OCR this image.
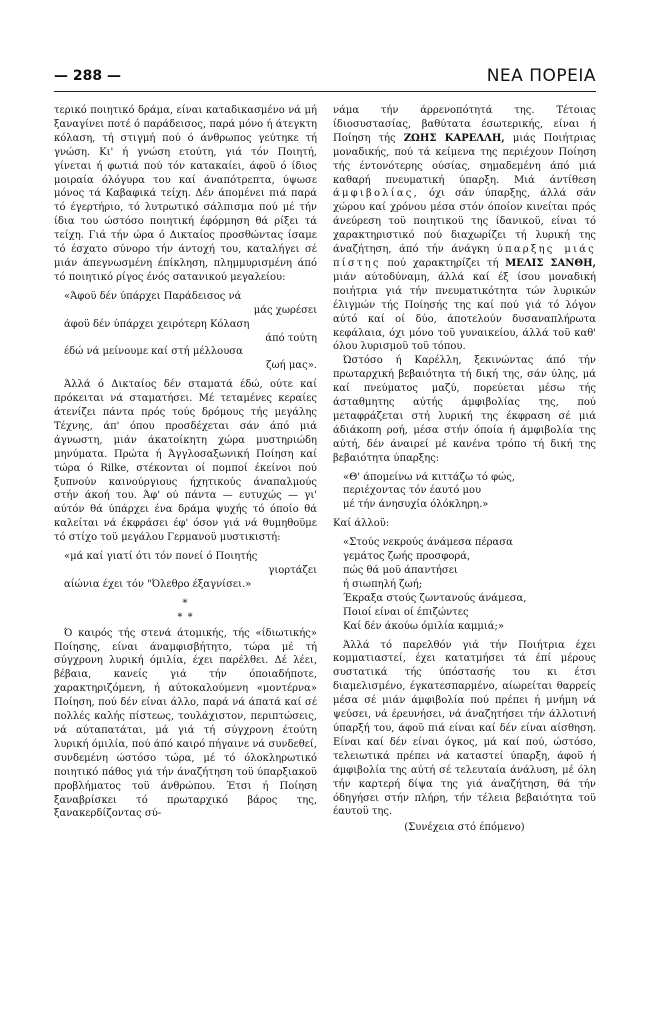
— 288 —	ΝΕΑ ΠΟΡΕΙΑ

τερικό ποιητικό δράμα, είναι καταδικασμένο νά μή ξαναγίνει ποτέ ό παράδεισος, παρά μόνο ή άτεγκτη κόλαση, τή στιγμή πού ό άνθρωπος γεύτηκε τή γνώση. Κι' ή γνώση ετούτη, γιά τόν Ποιητή, γίνεται ή φωτιά πού τόν κατακαίει, άφοϋ ό ίδιος μοιραία όλόγυρα του καί άναπότρεπτα, ύψωσε μόνος τά Καβαφικά τείχη. Δέν άπομένει πιά παρά τό έγερτήριο, τό λυτρωτικό σάλπισμα πού μέ τήν ίδια του ώστόσο ποιητική έφόρμηση θά ρίξει τά τείχη. Γιά τήν ώρα ό Δικταίος προσθώντας ίσαμε τό έσχατο σύνορο τήν άντοχή του, καταλήγει σέ μιάν άπεγνωσμένη έπίκληση, πλημμυρισμένη άπό τό ποιητικό ρίγος ένός σατανικού μεγαλείου:

«Άφοϋ δέν ύπάρχει Παράδεισος νά
μάς χωρέσει
άφοϋ δέν ύπάρχει χειρότερη Κόλαση
άπό τούτη
έδώ νά μείνουμε καί στή μέλλουσα
ζωή μας».

Άλλά ό Δικταίος δέν σταματά έδώ, ούτε καί πρόκειται νά σταματήσει. Μέ τεταμένες κεραίες άτενίζει πάντα πρός τούς δρόμους τής μεγάλης Τέχνης, άπ' όπου προσδέχεται σάν άπό μιά άγνωστη, μιάν άκατοίκητη χώρα μυστηριώδη μηνύματα. Πρώτα ή Άγγλοσαξωνική Ποίηση καί τώρα ό Rilke, στέκονται οί πομποί έκείνοι πού ξυπνούν καινούργιους ήχητικούς άναπαλμούς στήν άκοή του. Άφ' ού πάντα — ευτυχώς — γι' αύτόν θά ύπάρχει ένα δράμα ψυχής τό όποίο θά καλείται νά έκφράσει έφ' όσον γιά νά θυμηθοϋμε τό στίχο τοϋ μεγάλου Γερμανοϋ μυστικιστή:

«μά καί γιατί ότι τόν πονεί ό Ποιητής
γιορτάζει
αίώνια έχει τόν "Όλεθρο έξαγνίσει.»
*
* *

Ό καιρός τής στενά άτομικής, τής «ίδιωτικής» Ποίησης, είναι άναμφισβήτητο, τώρα μέ τή σύγχρονη λυρική όμιλία, έχει παρέλθει. Δέ λέει, βέβαια, κανείς γιά τήν όποιαδήποτε, χαρακτηριζόμενη, ή αύτοκαλούμενη «μοντέρνα» Ποίηση, πού δέν είναι άλλο, παρά νά άπατά καί σέ πολλές καλής πίστεως, τουλάχιστον, περιπτώσεις, νά αύταπατάται, μά γιά τή σύγχρονη έτούτη λυρική όμιλία, πού άπό καιρό πήγαινε νά συνδεθεί, συνδεμένη ώστόσο τώρα, μέ τό όλοκληρωτικό ποιητικό πάθος γιά τήν άναζήτηση τοϋ ύπαρξιακοϋ προβλήματος τοϋ άνθρώπου. Έτσι ή Ποίηση ξαναβρίσκει τό πρωταρχικό βάρος της, ξανακερδίζοντας σύ-

νάμα τήν άρρενοπότητά της. Τέτοιας ίδιοσυστασίας, βαθύτατα έσωτερικής, είναι ή Ποίηση τής ΖΩΗΣ ΚΑΡΕΛΛΗ, μιάς Ποιήτριας μοναδικής, πού τά κείμενα της περιέχουν Ποίηση τής έντονότερης ούσίας, σημαδεμένη άπό μιά καθαρή πνευματική ύπαρξη. Μιά άντίθεση άμφιβολίας, όχι σάν ύπαρξης, άλλά σάν χώρου καί χρόνου μέσα στόν όποίον κινείται πρός άνεύρεση τοϋ ποιητικοϋ της ίδανικοϋ, είναι τό χαρακτηριστικό πού διαχωρίζει τή λυρική της άναζήτηση, άπό τήν άνάγκη ύπαρξης μιάς πίστης πού χαρακτηρίζει τή ΜΕΛΙΣ ΣΑΝΘΗ, μιάν αύτοδύναμη, άλλά καί έξ ίσου μοναδική ποιήτρια γιά τήν πνευματικότητα τών λυρικών έλιγμών τής Ποίησής της καί πού γιά τό λόγον αύτό καί οί δύο, άποτελούν δυσαναπλήρωτα κεφάλαια, όχι μόνο τοϋ γυναικείου, άλλά τοϋ καθ' όλου λυρισμοϋ τοϋ τόπου.

Ώστόσο ή Καρέλλη, ξεκινώντας άπό τήν πρωταρχική βεβαιότητα τή δική της, σάν ύλης, μά καί πνεύματος μαζύ, πορεύεται μέσω τής άσταθμητης αύτής άμφιβολίας της, πού μεταφράζεται στή λυρική της έκφραση σέ μιά άδιάκοπη ροή, μέσα στήν όποία ή άμφιβολία της αύτή, δέν άναιρεί μέ κανένα τρόπο τή δική της βεβαιότητα ύπαρξης:

«Θ' άπομείνω νά κιττάζω τό φώς,
περιέχοντας τόν έαυτό μου
μέ τήν άνησυχία όλόκληρη.»

Καί άλλοϋ:

«Στούς νεκρούς άνάμεσα πέρασα
γεμάτος ζωής προσφορά,
πώς θά μοϋ άπαντήσει
ή σιωπηλή ζωή;
Έκραξα στούς ζωντανούς άνάμεσα,
Ποιοί είναι οί έπιζώντες
Καί δέν άκούω όμιλία καμμιά;»

Άλλά τό παρελθόν γιά τήν Ποιήτρια έχει κομματιαστεί, έχει κατατμήσει τά έπί μέρους συστατικά τής ύπόστασής του κι έτσι διαμελισμένο, έγκατεσπαρμένο, αίωρείται θαρρείς μέσα σέ μιάν άμφιβολία πού πρέπει ή μνήμη νά ψεύσει, νά έρευνήσει, νά άναζητήσει τήν άλλοτινή ύπαρξή του, άφοϋ πιά είναι καί δέν είναι αίσθηση. Είναι καί δέν είναι όγκος, μά καί πού, ώστόσο, τελειωτικά πρέπει νά καταστεί ύπαρξη, άφοϋ ή άμφιβολία της αύτή σέ τελευταία άνάλυση, μέ όλη τήν καρτερή δίψα της γιά άναζήτηση, θά τήν όδηγήσει στήν πλήρη, τήν τέλεια βεβαιότητα τοϋ έαυτοϋ της.

(Συνέχεια στό έπόμενο)
